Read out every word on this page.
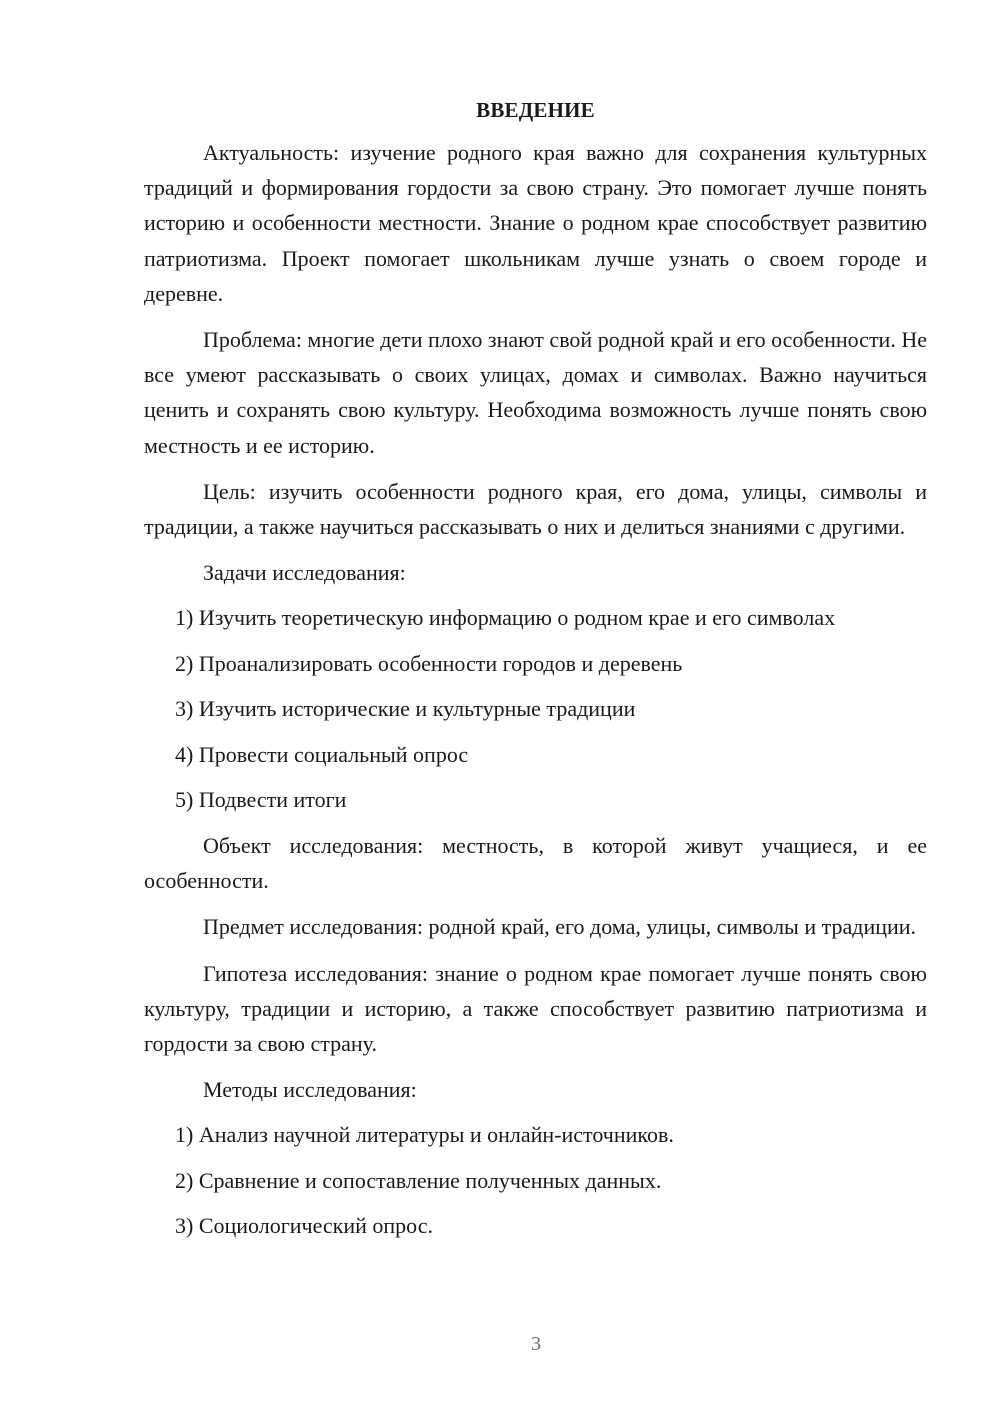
ВВЕДЕНИЕ

Актуальность: изучение родного края важно для сохранения культурных традиций и формирования гордости за свою страну. Это помогает лучше понять историю и особенности местности. Знание о родном крае способствует развитию патриотизма. Проект помогает школьникам лучше узнать о своем городе и деревне.

Проблема: многие дети плохо знают свой родной край и его особенности. Не все умеют рассказывать о своих улицах, домах и символах. Важно научиться ценить и сохранять свою культуру. Необходима возможность лучше понять свою местность и ее историю.

Цель: изучить особенности родного края, его дома, улицы, символы и традиции, а также научиться рассказывать о них и делиться знаниями с другими.

Задачи исследования:

1) Изучить теоретическую информацию о родном крае и его символах
2) Проанализировать особенности городов и деревень
3) Изучить исторические и культурные традиции
4) Провести социальный опрос
5) Подвести итоги

Объект исследования: местность, в которой живут учащиеся, и ее особенности.

Предмет исследования: родной край, его дома, улицы, символы и традиции.

Гипотеза исследования: знание о родном крае помогает лучше понять свою культуру, традиции и историю, а также способствует развитию патриотизма и гордости за свою страну.

Методы исследования:

1) Анализ научной литературы и онлайн-источников.
2) Сравнение и сопоставление полученных данных.
3) Социологический опрос.
3
